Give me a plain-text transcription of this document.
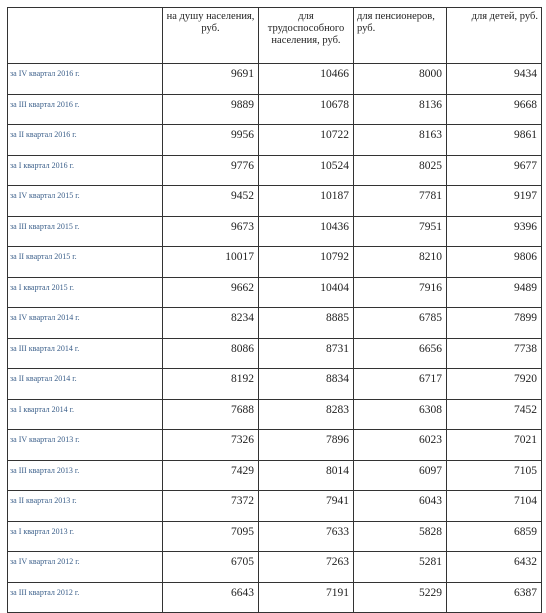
	на душу населения, руб.	для трудоспособного населения, руб.	для пенсионеров, руб.	для детей, руб.
за IV квартал 2016 г.	9691	10466	8000	9434
за III квартал 2016 г.	9889	10678	8136	9668
за II квартал 2016 г.	9956	10722	8163	9861
за I квартал 2016 г.	9776	10524	8025	9677
за IV квартал 2015 г.	9452	10187	7781	9197
за III квартал 2015 г.	9673	10436	7951	9396
за II квартал 2015 г.	10017	10792	8210	9806
за I квартал 2015 г.	9662	10404	7916	9489
за IV квартал 2014 г.	8234	8885	6785	7899
за III квартал 2014 г.	8086	8731	6656	7738
за II квартал 2014 г.	8192	8834	6717	7920
за I квартал 2014 г.	7688	8283	6308	7452
за IV квартал 2013 г.	7326	7896	6023	7021
за III квартал 2013 г.	7429	8014	6097	7105
за II квартал 2013 г.	7372	7941	6043	7104
за I квартал 2013 г.	7095	7633	5828	6859
за IV квартал 2012 г.	6705	7263	5281	6432
за III квартал 2012 г.	6643	7191	5229	6387
